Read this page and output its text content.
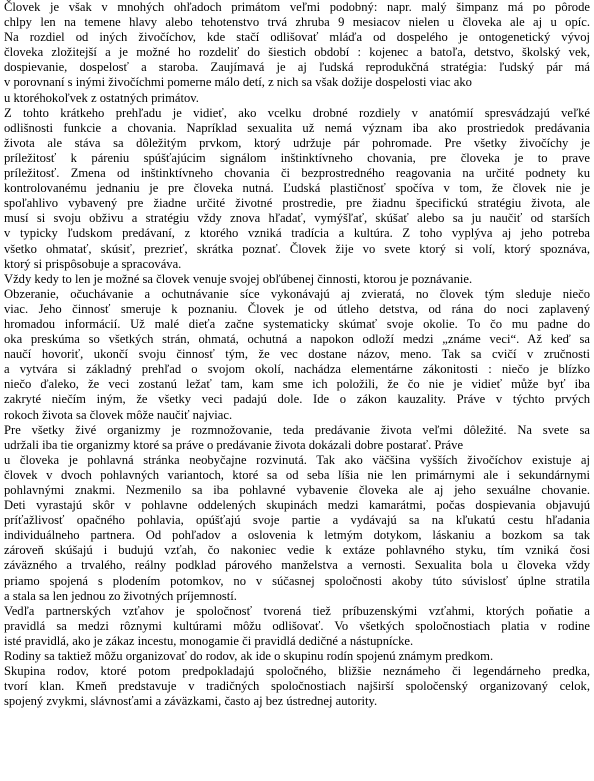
Človek je však v mnohých ohľadoch primátom veľmi podobný: napr. malý šimpanz má po pôrode
chlpy len na temene hlavy alebo tehotenstvo trvá zhruba 9 mesiacov nielen u človeka ale aj u opíc.
Na rozdiel od iných živočíchov, kde stačí odlišovať mláďa od dospelého je ontogenetický vývoj
človeka zložitejší a je možné ho rozdeliť do šiestich období : kojenec a batoľa, detstvo, školský vek,
dospievanie, dospelosť a staroba. Zaujímavá je aj ľudská reprodukčná stratégia: ľudský pár má
v porovnaní s inými živočíchmi pomerne málo detí, z nich sa však dožije dospelosti viac ako
u ktoréhokoľvek z ostatných primátov.
Z tohto krátkeho prehľadu je vidieť, ako vcelku drobné rozdiely v anatómií spresvádzajú veľké
odlišnosti funkcie a chovania. Napríklad sexualita už nemá význam iba ako prostriedok predávania
života ale stáva sa dôležitým prvkom, ktorý udržuje pár pohromade. Pre všetky živočíchy je
príležitosť k páreniu spúšťajúcim signálom inštinktívneho chovania, pre človeka je to prave
príležitosť. Zmena od inštinktívneho chovania či bezprostredného reagovania na určité podnety ku
kontrolovanému jednaniu je pre človeka nutná. Ľudská plastičnosť spočíva v tom, že človek nie je
spoľahlivo vybavený pre žiadne určité životné prostredie, pre žiadnu špecifickú stratégiu života, ale
musí si svoju obživu a stratégiu vždy znova hľadať, vymýšľať, skúšať alebo sa ju naučiť od starších
v typicky ľudskom predávaní, z ktorého vzniká tradícia a kultúra. Z toho vyplýva aj jeho potreba
všetko ohmatať, skúsiť, prezrieť, skrátka poznať. Človek žije vo svete ktorý si volí, ktorý spoznáva,
ktorý si prispôsobuje a spracováva.
Vždy kedy to len je možné sa človek venuje svojej obľúbenej činnosti, ktorou je poznávanie.
Obzeranie, očuchávanie a ochutnávanie síce vykonávajú aj zvieratá, no človek tým sleduje niečo
viac. Jeho činnosť smeruje k poznaniu. Človek je od útleho detstva, od rána do noci zaplavený
hromadou informácií. Už malé dieťa začne systematicky skúmať svoje okolie. To čo mu padne do
oka preskúma so všetkých strán, ohmatá, ochutná a napokon odloží medzi „známe veci“. Až keď sa
naučí hovoriť, ukončí svoju činnosť tým, že vec dostane názov, meno. Tak sa cvičí v zručnosti
a vytvára si základný prehľad o svojom okolí, nachádza elementárne zákonitosti : niečo je blízko
niečo ďaleko, že veci zostanú ležať tam, kam sme ich položili, že čo nie je vidieť může byť iba
zakryté niečím iným, že všetky veci padajú dole. Ide o zákon kauzality. Práve v týchto prvých
rokoch života sa človek môže naučiť najviac.
Pre všetky živé organizmy je rozmnožovanie, teda predávanie života veľmi dôležité. Na svete sa
udržali iba tie organizmy ktoré sa práve o predávanie života dokázali dobre postarať. Práve
u človeka je pohlavná stránka neobyčajne rozvinutá. Tak ako väčšina vyšších živočíchov existuje aj
človek v dvoch pohlavných variantoch, ktoré sa od seba líšia nie len primárnymi ale i sekundárnymi
pohlavnými znakmi. Nezmenilo sa iba pohlavné vybavenie človeka ale aj jeho sexuálne chovanie.
Deti vyrastajú skôr v pohlavne oddelených skupinách medzi kamarátmi, počas dospievania objavujú
príťažlivosť opačného pohlavia, opúšťajú svoje partie a vydávajú sa na kľukatú cestu hľadania
individuálneho partnera. Od pohľadov a oslovenia k letmým dotykom, láskaniu a bozkom sa tak
zároveň skúšajú i budujú vzťah, čo nakoniec vedie k extáze pohlavného styku, tím vzniká čosi
záväzného a trvalého, reálny podklad párového manželstva a vernosti. Sexualita bola u človeka vždy
priamo spojená s plodením potomkov, no v súčasnej spoločnosti akoby túto súvislosť úplne stratila
a stala sa len jednou zo životných príjemností.
Vedľa partnerských vzťahov je spoločnosť tvorená tiež príbuzenskými vzťahmi, ktorých poňatie a
pravidlá sa medzi rôznymi kultúrami môžu odlišovať. Vo všetkých spoločnostiach platia v rodine
isté pravidlá, ako je zákaz incestu, monogamie či pravidlá dedičné a nástupnícke.
Rodiny sa taktiež môžu organizovať do rodov, ak ide o skupinu rodín spojenú známym predkom.
Skupina rodov, ktoré potom predpokladajú spoločného, bližšie neznámeho či legendárneho predka,
tvorí klan. Kmeň predstavuje v tradičných spoločnostiach najširší spoločenský organizovaný celok,
spojený zvykmi, slávnosťami a záväzkami, často aj bez ústrednej autority.
